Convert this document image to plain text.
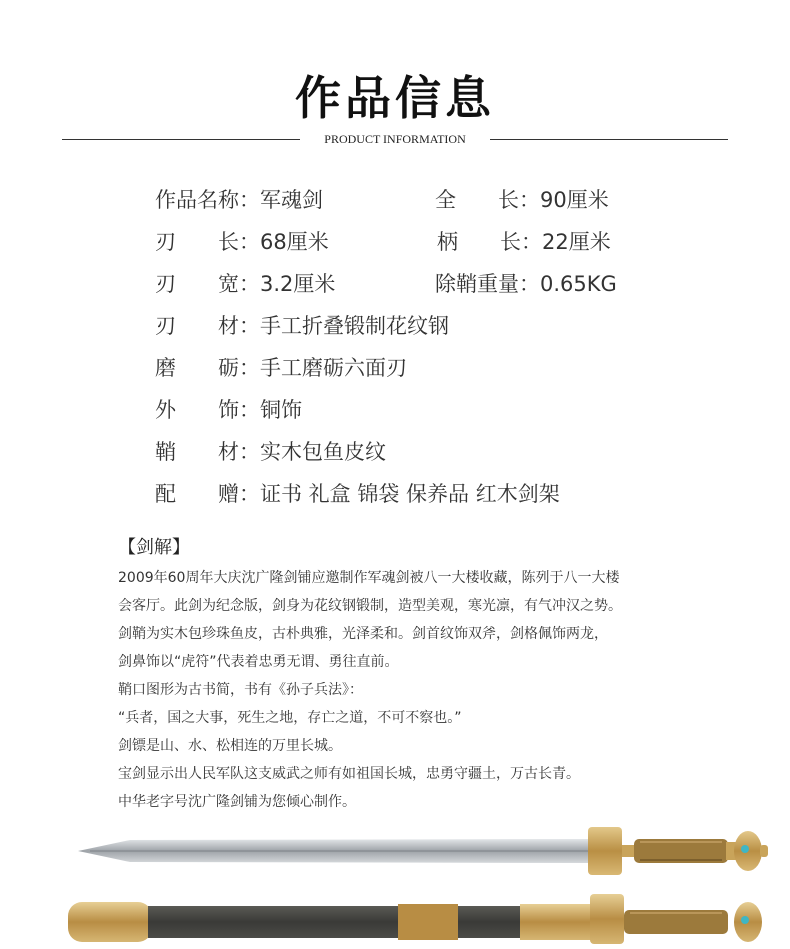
作品信息
PRODUCT INFORMATION
作品名称：军魂剑	全　　长：90厘米
刃　　长：68厘米	柄　　长：22厘米
刃　　宽：3.2厘米	除鞘重量：0.65KG
刃　　材：手工折叠锻制花纹钢
磨　　砺：手工磨砺六面刃
外　　饰：铜饰
鞘　　材：实木包鱼皮纹
配　　赠：证书 礼盒 锦袋 保养品 红木剑架
【剑解】
2009年60周年大庆沈广隆剑铺应邀制作军魂剑被八一大楼收藏，陈列于八一大楼
会客厅。此剑为纪念版，剑身为花纹钢锻制，造型美观，寒光凛，有气冲汉之势。
剑鞘为实木包珍珠鱼皮，古朴典雅，光泽柔和。剑首纹饰双斧，剑格佩饰两龙，
剑鼻饰以“虎符”代表着忠勇无谓、勇往直前。
鞘口图形为古书简，书有《孙子兵法》：
“兵者，国之大事，死生之地，存亡之道，不可不察也。”
剑镖是山、水、松相连的万里长城。
宝剑显示出人民军队这支威武之师有如祖国长城，忠勇守疆土，万古长青。
中华老字号沈广隆剑铺为您倾心制作。
